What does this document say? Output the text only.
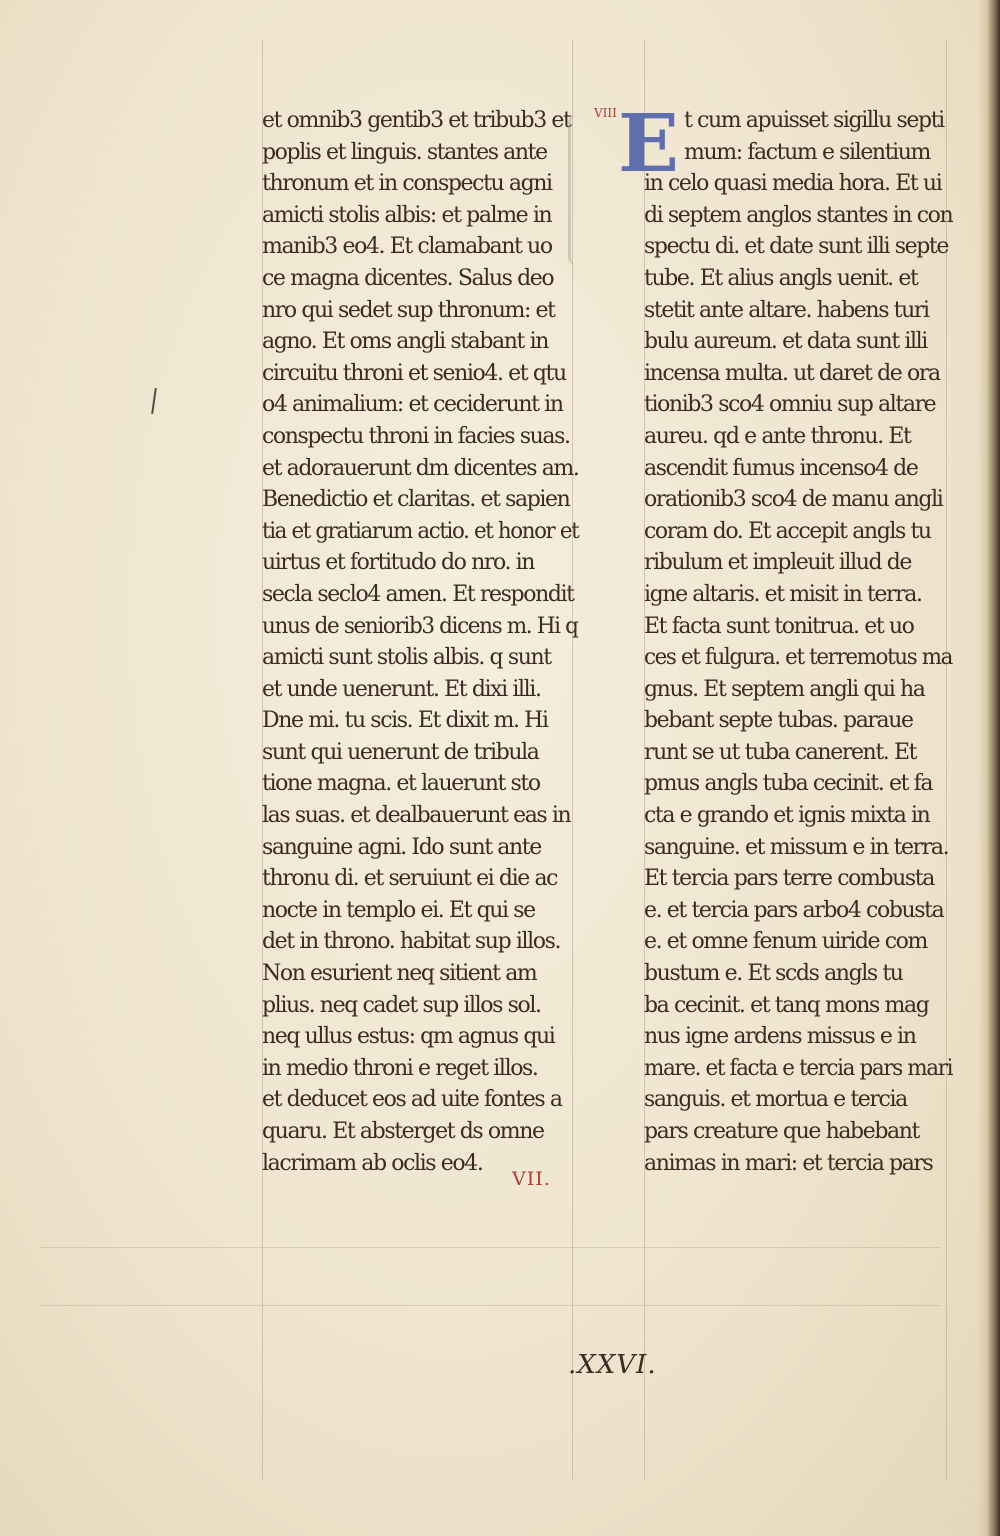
et omnib3 gentib3 et tribub3 et
poplis et linguis. stantes ante
thronum et in conspectu agni
amicti stolis albis: et palme in
manib3 eo4. Et clamabant uo
ce magna dicentes. Salus deo
nro qui sedet sup thronum: et
agno. Et oms angli stabant in
circuitu throni et senio4. et qtu
o4 animalium: et ceciderunt in
conspectu throni in facies suas.
et adorauerunt dm dicentes am.
Benedictio et claritas. et sapien
tia et gratiarum actio. et honor et
uirtus et fortitudo do nro. in
secla seclo4 amen. Et respondit
unus de seniorib3 dicens m. Hi q
amicti sunt stolis albis. q sunt
et unde uenerunt. Et dixi illi.
Dne mi. tu scis. Et dixit m. Hi
sunt qui uenerunt de tribula
tione magna. et lauerunt sto
las suas. et dealbauerunt eas in
sanguine agni. Ido sunt ante
thronu di. et seruiunt ei die ac
nocte in templo ei. Et qui se
det in throno. habitat sup illos.
Non esurient neq sitient am
plius. neq cadet sup illos sol.
neq ullus estus: qm agnus qui
in medio throni e reget illos.
et deducet eos ad uite fontes a
quaru. Et absterget ds omne
lacrimam ab oclis eo4.
E
VIII	t cum apuisset sigillu septi
mum: factum e silentium
in celo quasi media hora. Et ui
di septem anglos stantes in con
spectu di. et date sunt illi septe
tube. Et alius angls uenit. et
stetit ante altare. habens turi
bulu aureum. et data sunt illi
incensa multa. ut daret de ora
tionib3 sco4 omniu sup altare
aureu. qd e ante thronu. Et
ascendit fumus incenso4 de
orationib3 sco4 de manu angli
coram do. Et accepit angls tu
ribulum et impleuit illud de
igne altaris. et misit in terra.
Et facta sunt tonitrua. et uo
ces et fulgura. et terremotus ma
gnus. Et septem angli qui ha
bebant septe tubas. paraue
runt se ut tuba canerent. Et
pmus angls tuba cecinit. et fa
cta e grando et ignis mixta in
sanguine. et missum e in terra.
Et tercia pars terre combusta
e. et tercia pars arbo4 cobusta
e. et omne fenum uiride com
bustum e. Et scds angls tu
ba cecinit. et tanq mons mag
nus igne ardens missus e in
mare. et facta e tercia pars mari
sanguis. et mortua e tercia
pars creature que habebant
animas in mari: et tercia pars
VII.
.XXVI.
